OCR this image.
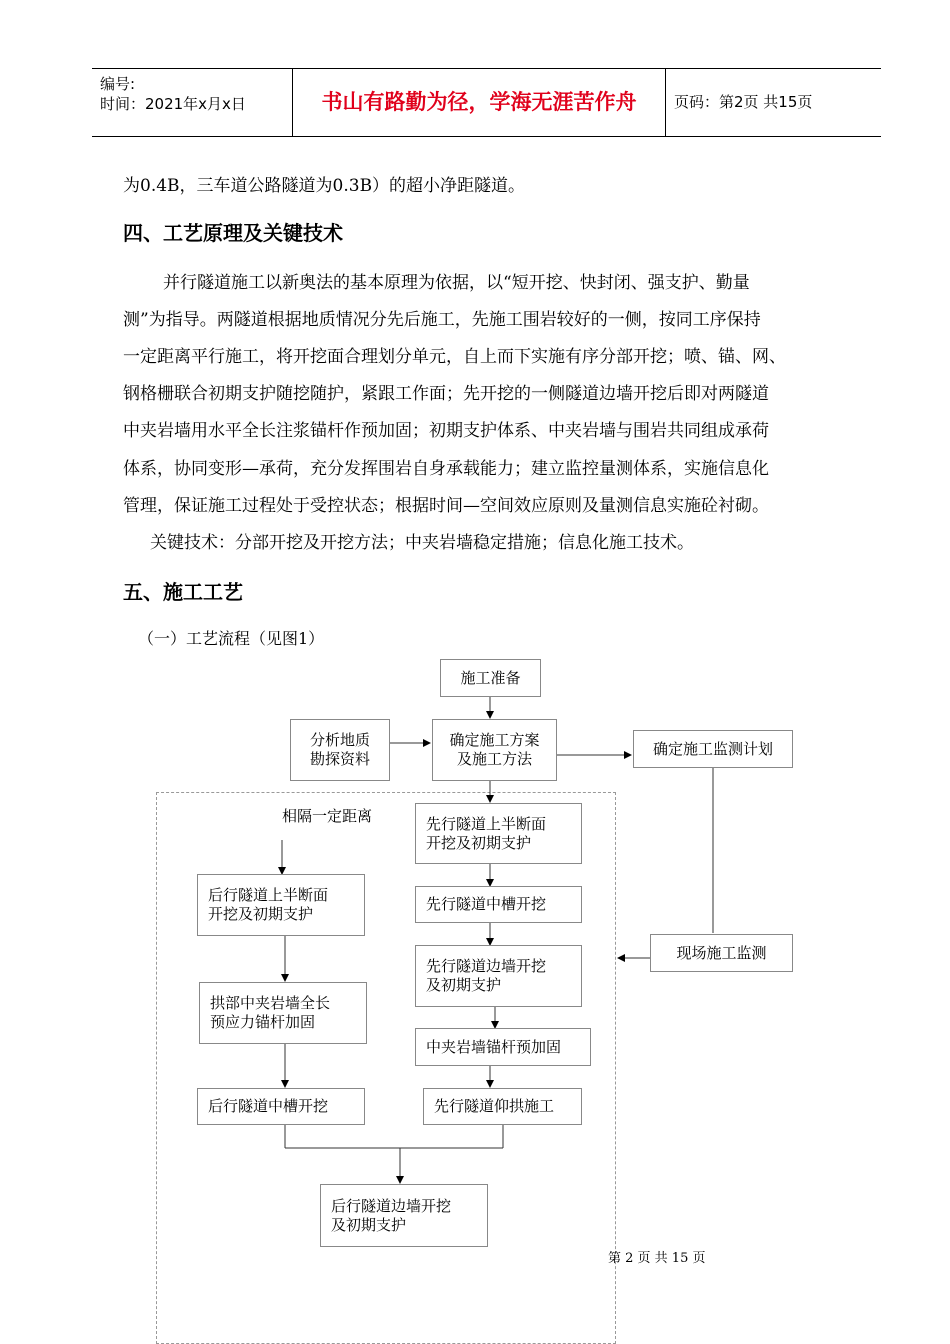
编号:
时间：2021年x月x日	书山有路勤为径，学海无涯苦作舟	页码：第2页 共15页
为0.4B，三车道公路隧道为0.3B）的超小净距隧道。
四、工艺原理及关键技术
并行隧道施工以新奥法的基本原理为依据，以“短开挖、快封闭、强支护、勤量
测”为指导。两隧道根据地质情况分先后施工，先施工围岩较好的一侧，按同工序保持
一定距离平行施工，将开挖面合理划分单元，自上而下实施有序分部开挖；喷、锚、网、
钢格栅联合初期支护随挖随护，紧跟工作面；先开挖的一侧隧道边墙开挖后即对两隧道
中夹岩墙用水平全长注浆锚杆作预加固；初期支护体系、中夹岩墙与围岩共同组成承荷
体系，协同变形—承荷，充分发挥围岩自身承载能力；建立监控量测体系，实施信息化
管理，保证施工过程处于受控状态；根据时间—空间效应原则及量测信息实施砼衬砌。
关键技术：分部开挖及开挖方法；中夹岩墙稳定措施；信息化施工技术。
五、施工工艺
（一）工艺流程（见图1）
施工准备
分析地质
勘探资料
确定施工方案
及施工方法
确定施工监测计划
相隔一定距离	先行隧道上半断面
开挖及初期支护
先行隧道中槽开挖
先行隧道边墙开挖
及初期支护
中夹岩墙锚杆预加固
先行隧道仰拱施工
后行隧道上半断面
开挖及初期支护
拱部中夹岩墙全长
预应力锚杆加固
后行隧道中槽开挖
现场施工监测
后行隧道边墙开挖
及初期支护
第 2 页 共 15 页
